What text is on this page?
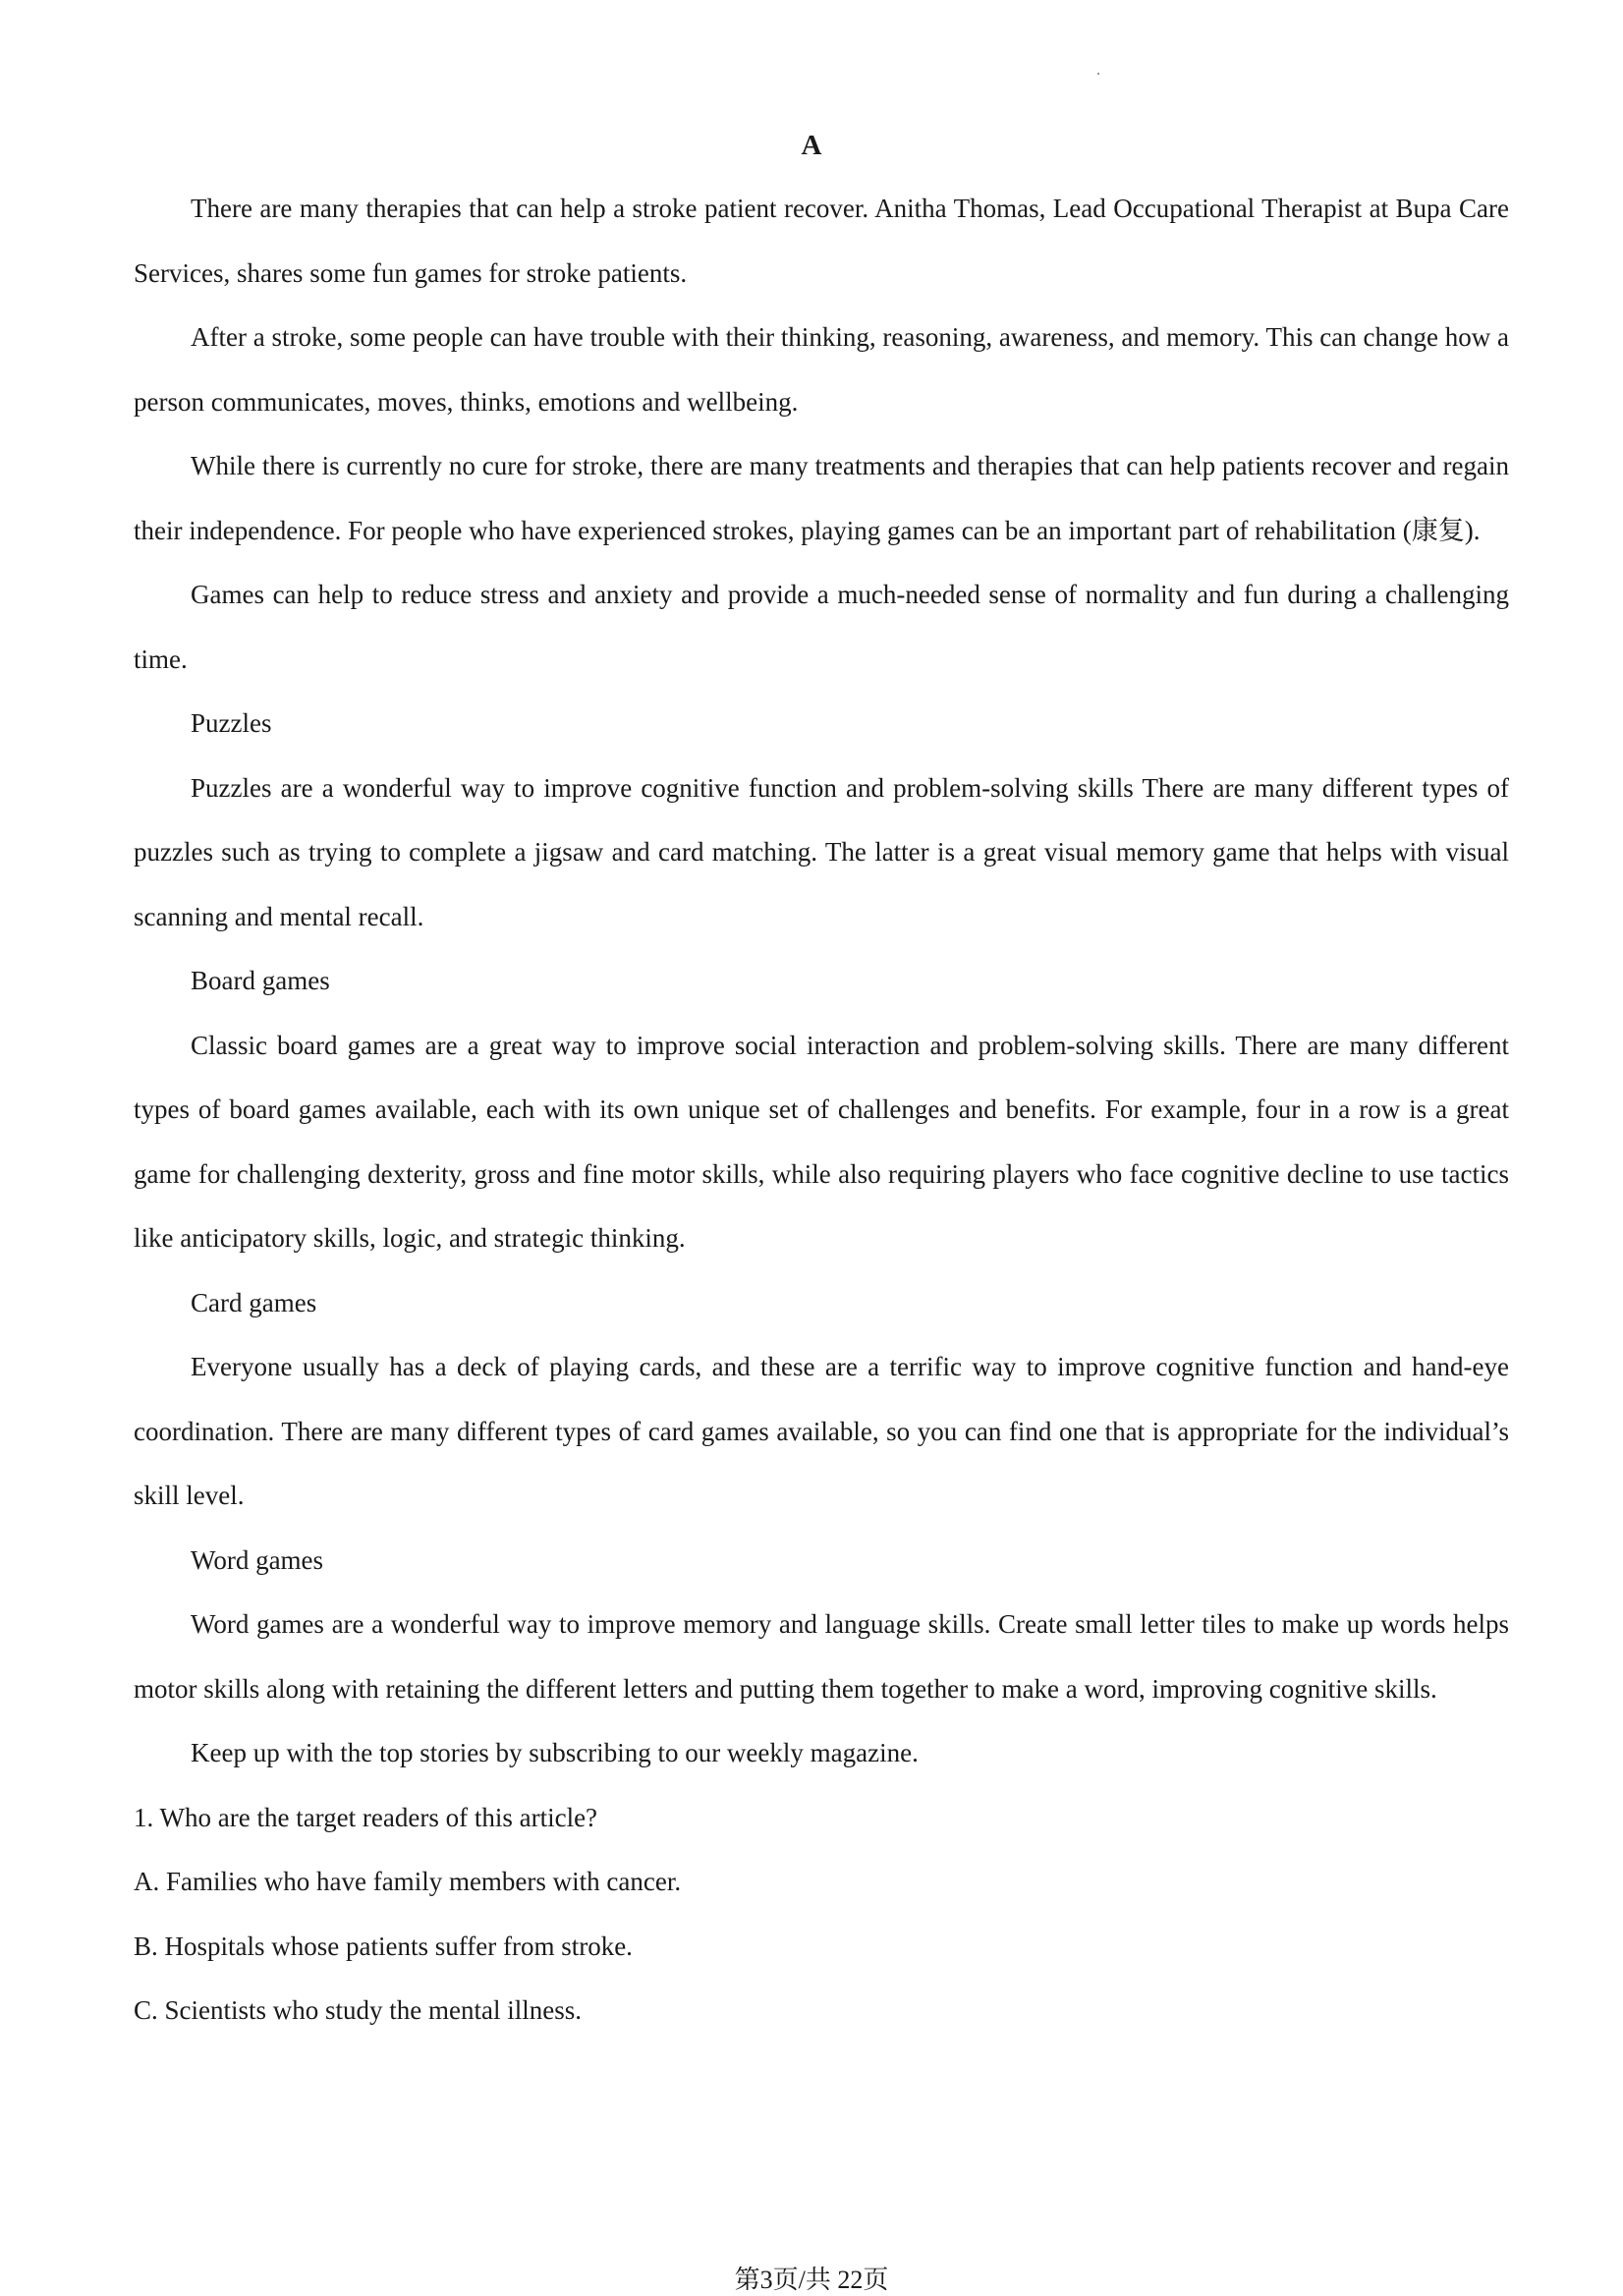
A

There are many therapies that can help a stroke patient recover. Anitha Thomas, Lead Occupational Therapist at Bupa Care Services, shares some fun games for stroke patients.

After a stroke, some people can have trouble with their thinking, reasoning, awareness, and memory. This can change how a person communicates, moves, thinks, emotions and wellbeing.

While there is currently no cure for stroke, there are many treatments and therapies that can help patients recover and regain their independence. For people who have experienced strokes, playing games can be an important part of rehabilitation (康复).

Games can help to reduce stress and anxiety and provide a much-needed sense of normality and fun during a challenging time.

Puzzles

Puzzles are a wonderful way to improve cognitive function and problem-solving skills There are many different types of puzzles such as trying to complete a jigsaw and card matching. The latter is a great visual memory game that helps with visual scanning and mental recall.

Board games

Classic board games are a great way to improve social interaction and problem-solving skills. There are many different types of board games available, each with its own unique set of challenges and benefits. For example, four in a row is a great game for challenging dexterity, gross and fine motor skills, while also requiring players who face cognitive decline to use tactics like anticipatory skills, logic, and strategic thinking.

Card games

Everyone usually has a deck of playing cards, and these are a terrific way to improve cognitive function and hand-eye coordination. There are many different types of card games available, so you can find one that is appropriate for the individual’s skill level.

Word games

Word games are a wonderful way to improve memory and language skills. Create small letter tiles to make up words helps motor skills along with retaining the different letters and putting them together to make a word, improving cognitive skills.

Keep up with the top stories by subscribing to our weekly magazine.

1. Who are the target readers of this article?

A. Families who have family members with cancer.

B. Hospitals whose patients suffer from stroke.

C. Scientists who study the mental illness.

第3页/共 22页
